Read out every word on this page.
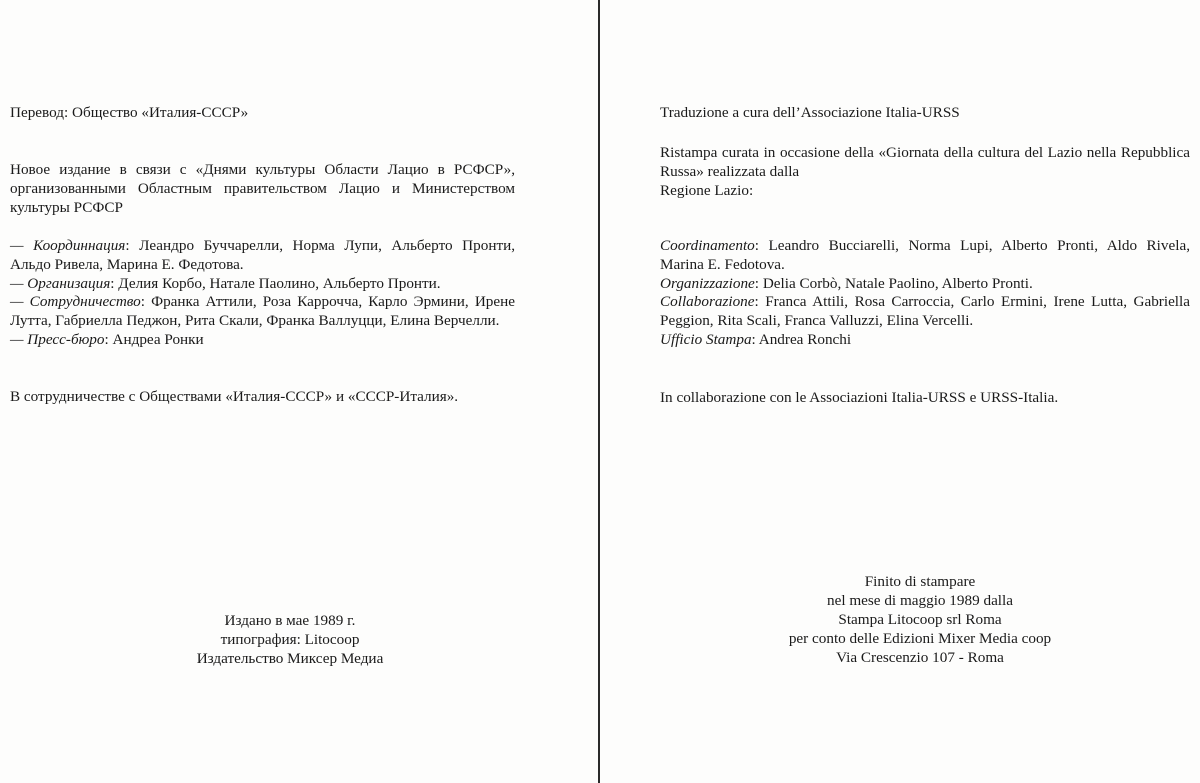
Перевод: Общество «Италия-СССР»

Новое издание в связи с «Днями культуры Области Лацио в РСФСР», организованными Областным правительством Лацио и Министерством культуры РСФСР

— Координнация: Леандро Буччарелли, Норма Лупи, Альберто Пронти, Альдо Ривела, Марина Е. Федотова.

— Организация: Делия Корбо, Натале Паолино, Альберто Пронти.

— Сотрудничество: Франка Аттили, Роза Каррочча, Карло Эрмини, Ирене Лутта, Габриелла Педжон, Рита Скали, Франка Валлуцци, Елина Верчелли.

— Пресс-бюро: Андреа Ронки

В сотрудничестве с Обществами «Италия-СССР» и «СССР-Италия».

Издано в мае 1989 г.
типография: Litocoop
Издательство Миксер Медиа

Traduzione a cura dell’Associazione Italia-URSS

Ristampa curata in occasione della «Giornata della cultura del Lazio nella Repubblica Russa» realizzata dalla

Regione Lazio:

Coordinamento: Leandro Bucciarelli, Norma Lupi, Alberto Pronti, Aldo Rivela, Marina E. Fedotova.

Organizzazione: Delia Corbò, Natale Paolino, Alberto Pronti.

Collaborazione: Franca Attili, Rosa Carroccia, Carlo Ermini, Irene Lutta, Gabriella Peggion, Rita Scali, Franca Valluzzi, Elina Vercelli.

Ufficio Stampa: Andrea Ronchi

In collaborazione con le Associazioni Italia-URSS e URSS-Italia.

Finito di stampare
nel mese di maggio 1989 dalla
Stampa Litocoop srl Roma
per conto delle Edizioni Mixer Media coop
Via Crescenzio 107 - Roma
